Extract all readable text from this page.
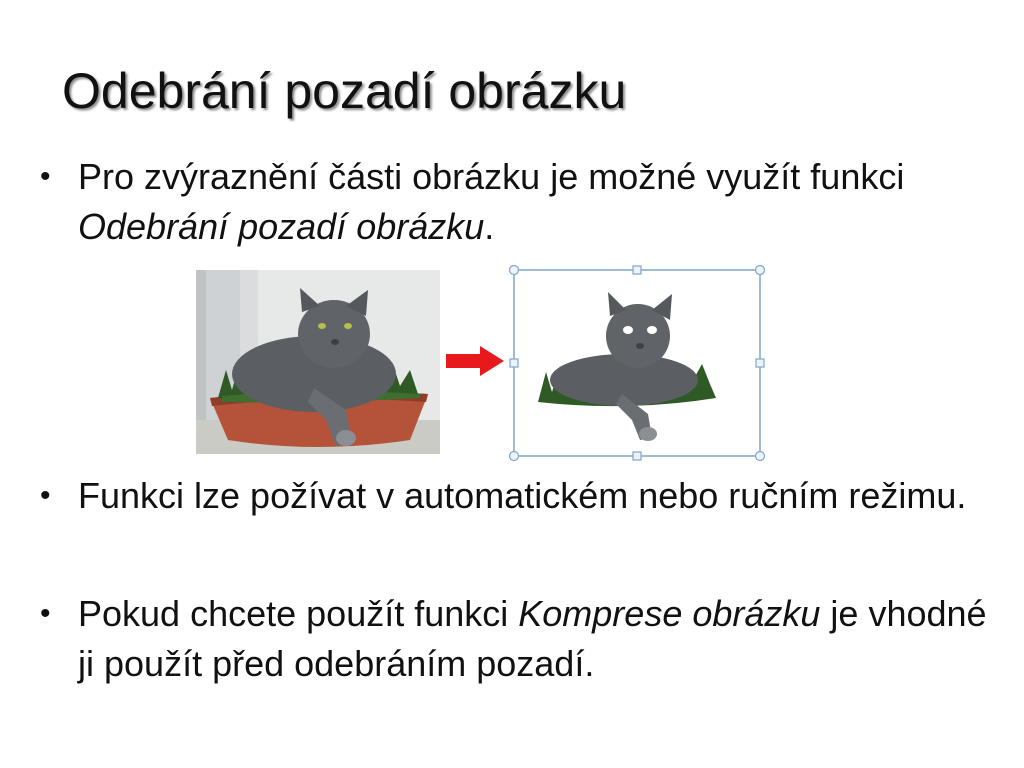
Odebrání pozadí obrázku
• Pro zvýraznění části obrázku je možné využít funkci Odebrání pozadí obrázku.
• Funkci lze požívat v automatickém nebo ručním režimu.
• Pokud chcete použít funkci Komprese obrázku je vhodné ji použít před odebráním pozadí.
